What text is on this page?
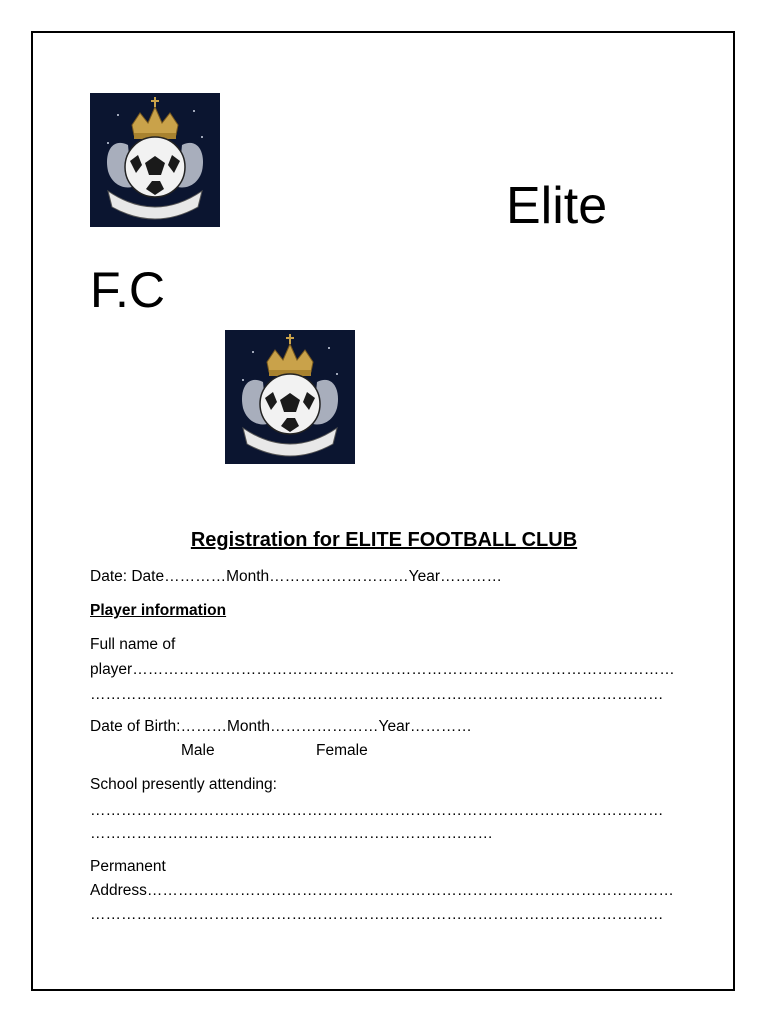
Elite
F.C
Registration for ELITE FOOTBALL CLUB
Date: Date…………Month………………………Year…………
Player information
Full name of
player……………………………………………………………………………………………
…………………………………………………………………………………………………
Date of Birth:………Month…………………Year…………
Male	Female
School presently attending:
…………………………………………………………………………………………………
……………………………………………………………………
Permanent
Address…………………………………………………………………………………………
…………………………………………………………………………………………………
